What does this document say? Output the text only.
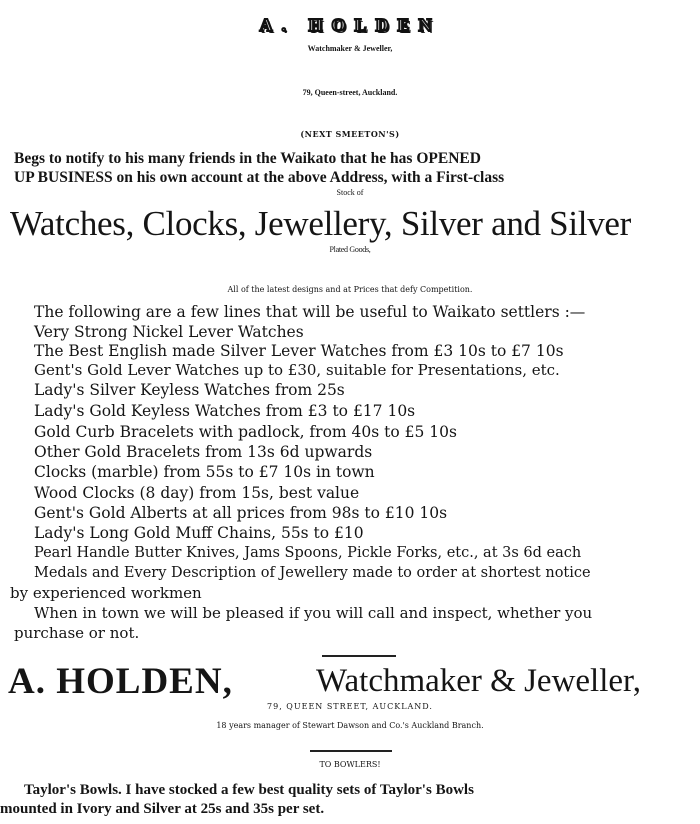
A. HOLDEN
Watchmaker & Jeweller,
79, Queen-street, Auckland.
(NEXT SMEETON'S)
Begs to notify to his many friends in the Waikato that he has OPENED
UP BUSINESS on his own account at the above Address, with a First-class
Stock of
Watches, Clocks, Jewellery, Silver and Silver
Plated Goods,
All of the latest designs and at Prices that defy Competition.
The following are a few lines that will be useful to Waikato settlers :—
Very Strong Nickel Lever Watches
The Best English made Silver Lever Watches from £3 10s to £7 10s
Gent's Gold Lever Watches up to £30, suitable for Presentations, etc.
Lady's Silver Keyless Watches from 25s
Lady's Gold Keyless Watches from £3 to £17 10s
Gold Curb Bracelets with padlock, from 40s to £5 10s
Other Gold Bracelets from 13s 6d upwards
Clocks (marble) from 55s to £7 10s in town
Wood Clocks (8 day) from 15s, best value
Gent's Gold Alberts at all prices from 98s to £10 10s
Lady's Long Gold Muff Chains, 55s to £10
Pearl Handle Butter Knives, Jams Spoons, Pickle Forks, etc., at 3s 6d each
Medals and Every Description of Jewellery made to order at shortest notice
by experienced workmen
When in town we will be pleased if you will call and inspect, whether you
purchase or not.
A. HOLDEN,	Watchmaker & Jeweller,
79, QUEEN STREET, AUCKLAND.
18 years manager of Stewart Dawson and Co.'s Auckland Branch.
TO BOWLERS!
Taylor's Bowls. I have stocked a few best quality sets of Taylor's Bowls
mounted in Ivory and Silver at 25s and 35s per set.
